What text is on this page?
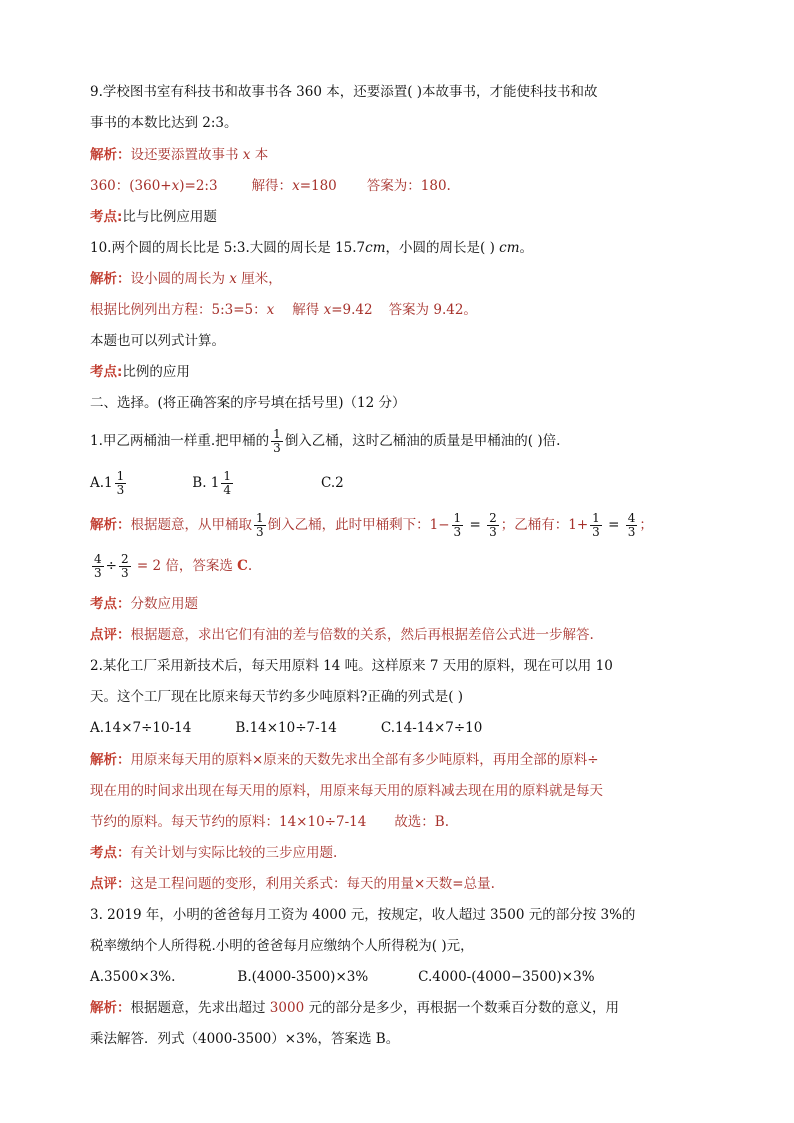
9.学校图书室有科技书和故事书各 360 本，还要添置( )本故事书，才能使科技书和故
事书的本数比达到 2:3。
解析：设还要添置故事书 x 本
360：(360+x)=2:3	解得：x=180 答案为：180.
考点:比与比例应用题
10.两个圆的周长比是 5:3.大圆的周长是 15.7cm，小圆的周长是( ) cm。
解析：设小圆的周长为 x 厘米，
根据比例列出方程：5:3=5：x 解得 x=9.42 答案为 9.42。
本题也可以列式计算。
考点:比例的应用
二、选择。(将正确答案的序号填在括号里)（12 分）
1.甲乙两桶油一样重.把甲桶的 $\frac{1}{3}$ 倒入乙桶，这时乙桶油的质量是甲桶油的( )倍.
$A.1 \frac{1}{3}$	B. $1 \frac{1}{4}$	C.2
解析：根据题意，从甲桶取 $\frac{1}{3}$ 倒入乙桶，此时甲桶剩下：$1- \frac{1}{3} = \frac{2}{3}$ ；乙桶有：$1+ \frac{1}{3} = \frac{4}{3}$ ；
$\frac{4}{3} \div \frac{2}{3} = 2$ 倍，答案选 C.
考点：分数应用题
点评：根据题意，求出它们有油的差与倍数的关系，然后再根据差倍公式进一步解答.
2.某化工厂采用新技术后，每天用原料 14 吨。这样原来 7 天用的原料，现在可以用 10
天。这个工厂现在比原来每天节约多少吨原料?正确的列式是( )
A.14×7÷10-14	B.14×10÷7-14	C.14-14×7÷10
解析：用原来每天用的原料×原来的天数先求出全部有多少吨原料，再用全部的原料÷
现在用的时间求出现在每天用的原料，用原来每天用的原料减去现在用的原料就是每天
节约的原料。每天节约的原料：14×10÷7-14 故选：B.
考点：有关计划与实际比较的三步应用题.
点评：这是工程问题的变形，利用关系式：每天的用量×天数=总量.
3. 2019 年，小明的爸爸每月工资为 4000 元，按规定，收人超过 3500 元的部分按 3%的
税率缴纳个人所得税.小明的爸爸每月应缴纳个人所得税为( )元，
A.3500×3%.	B.(4000-3500)×3%	C.4000-(4000−3500)×3%
解析：根据题意，先求出超过 3000 元的部分是多少，再根据一个数乘百分数的意义，用
乘法解答．列式（4000-3500）×3%，答案选 B。
